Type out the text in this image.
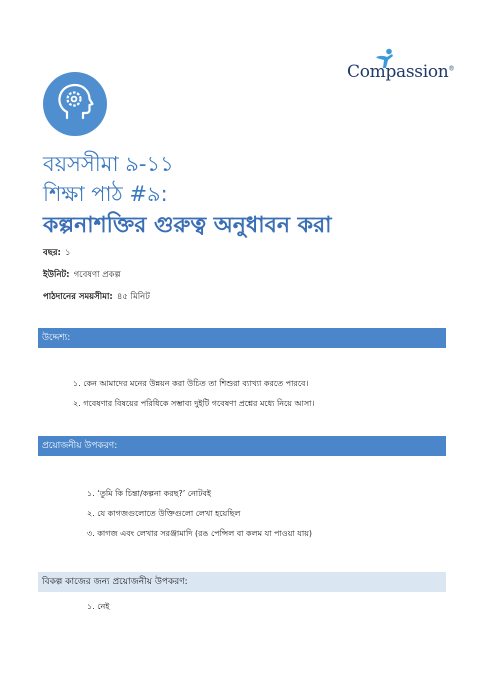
Compassion®
বয়সসীমা ৯-১১
শিক্ষা পাঠ #৯:
কল্পনাশক্তির গুরুত্ব অনুধাবন করা
বছর: ১
ইউনিট: গবেষণা প্রকল্প
পাঠদানের সময়সীমা: ৪৫ মিনিট
উদ্দেশ্য:
১. কেন আমাদের মনের উন্নয়ন করা উচিত তা শিশুরা ব্যাখ্যা করতে পারবে।
২. গবেষণার বিষয়ের পরিধিকে সম্ভাব্য দুইটি গবেষণা প্রশ্নের মধ্যে নিয়ে আসা।
প্রয়োজনীয় উপকরণ:
১. ‘তুমি কি চিন্তা/কল্পনা করছ?’ নোটবই
২. যে কাগজগুলোতে উক্তিগুলো লেখা হয়েছিল
৩. কাগজ এবং লেখার সরঞ্জামাদি (রঙ পেন্সিল বা কলম যা পাওয়া যায়)
বিকল্প কাজের জন্য প্রয়োজনীয় উপকরণ:
১. নেই
